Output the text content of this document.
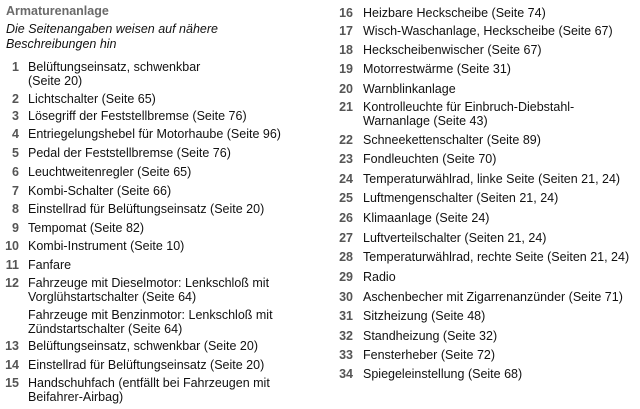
Armaturenanlage
Die Seitenangaben weisen auf nähere Beschreibungen hin
1 Belüftungseinsatz, schwenkbar
(Seite 20)
2 Lichtschalter (Seite 65)
3 Lösegriff der Feststellbremse (Seite 76)
4 Entriegelungshebel für Motorhaube (Seite 96)
5 Pedal der Feststellbremse (Seite 76)
6 Leuchtweitenregler (Seite 65)
7 Kombi-Schalter (Seite 66)
8 Einstellrad für Belüftungseinsatz (Seite 20)
9 Tempomat (Seite 82)
10 Kombi-Instrument (Seite 10)
11 Fanfare
12 Fahrzeuge mit Dieselmotor: Lenkschloß mit
Vorglühstartschalter (Seite 64)
Fahrzeuge mit Benzinmotor: Lenkschloß mit
Zündstartschalter (Seite 64)
13 Belüftungseinsatz, schwenkbar (Seite 20)
14 Einstellrad für Belüftungseinsatz (Seite 20)
15 Handschuhfach (entfällt bei Fahrzeugen mit
Beifahrer-Airbag)
16 Heizbare Heckscheibe (Seite 74)
17 Wisch-Waschanlage, Heckscheibe (Seite 67)
18 Heckscheibenwischer (Seite 67)
19 Motorrestwärme (Seite 31)
20 Warnblinkanlage
21 Kontrolleuchte für Einbruch-Diebstahl-
Warnanlage (Seite 43)
22 Schneekettenschalter (Seite 89)
23 Fondleuchten (Seite 70)
24 Temperaturwählrad, linke Seite (Seiten 21, 24)
25 Luftmengenschalter (Seiten 21, 24)
26 Klimaanlage (Seite 24)
27 Luftverteilschalter (Seiten 21, 24)
28 Temperaturwählrad, rechte Seite (Seiten 21, 24)
29 Radio
30 Aschenbecher mit Zigarrenanzünder (Seite 71)
31 Sitzheizung (Seite 48)
32 Standheizung (Seite 32)
33 Fensterheber (Seite 72)
34 Spiegeleinstellung (Seite 68)
